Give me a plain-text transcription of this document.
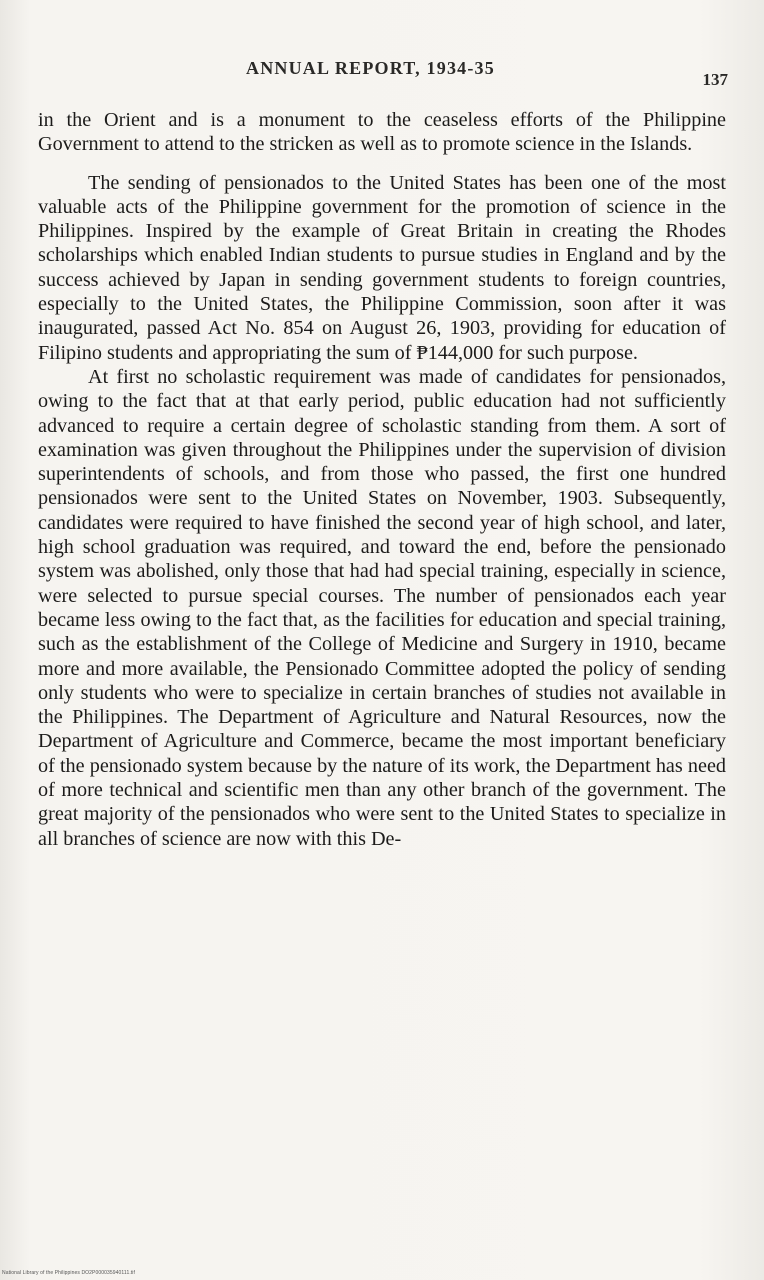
ANNUAL REPORT, 1934-35
137

in the Orient and is a monument to the ceaseless efforts of the Philippine Government to attend to the stricken as well as to promote science in the Islands.

The sending of pensionados to the United States has been one of the most valuable acts of the Philippine government for the promotion of science in the Philippines. Inspired by the example of Great Britain in creating the Rhodes scholarships which enabled Indian students to pursue studies in England and by the success achieved by Japan in sending government students to foreign countries, especially to the United States, the Philippine Commission, soon after it was inaugurated, passed Act No. 854 on August 26, 1903, providing for education of Filipino students and appropriating the sum of ₱144,000 for such purpose.

At first no scholastic requirement was made of candidates for pensionados, owing to the fact that at that early period, public education had not sufficiently advanced to require a certain degree of scholastic standing from them. A sort of examination was given throughout the Philippines under the supervision of division superintendents of schools, and from those who passed, the first one hundred pensionados were sent to the United States on November, 1903. Subsequently, candidates were required to have finished the second year of high school, and later, high school graduation was required, and toward the end, before the pensionado system was abolished, only those that had had special training, especially in science, were selected to pursue special courses. The number of pensionados each year became less owing to the fact that, as the facilities for education and special training, such as the establishment of the College of Medicine and Surgery in 1910, became more and more available, the Pensionado Committee adopted the policy of sending only students who were to specialize in certain branches of studies not available in the Philippines. The Department of Agriculture and Natural Resources, now the Department of Agriculture and Commerce, became the most important beneficiary of the pensionado system because by the nature of its work, the Department has need of more technical and scientific men than any other branch of the government. The great majority of the pensionados who were sent to the United States to specialize in all branches of science are now with this De-

National Library of the Philippines DO2P000035940111.tif
